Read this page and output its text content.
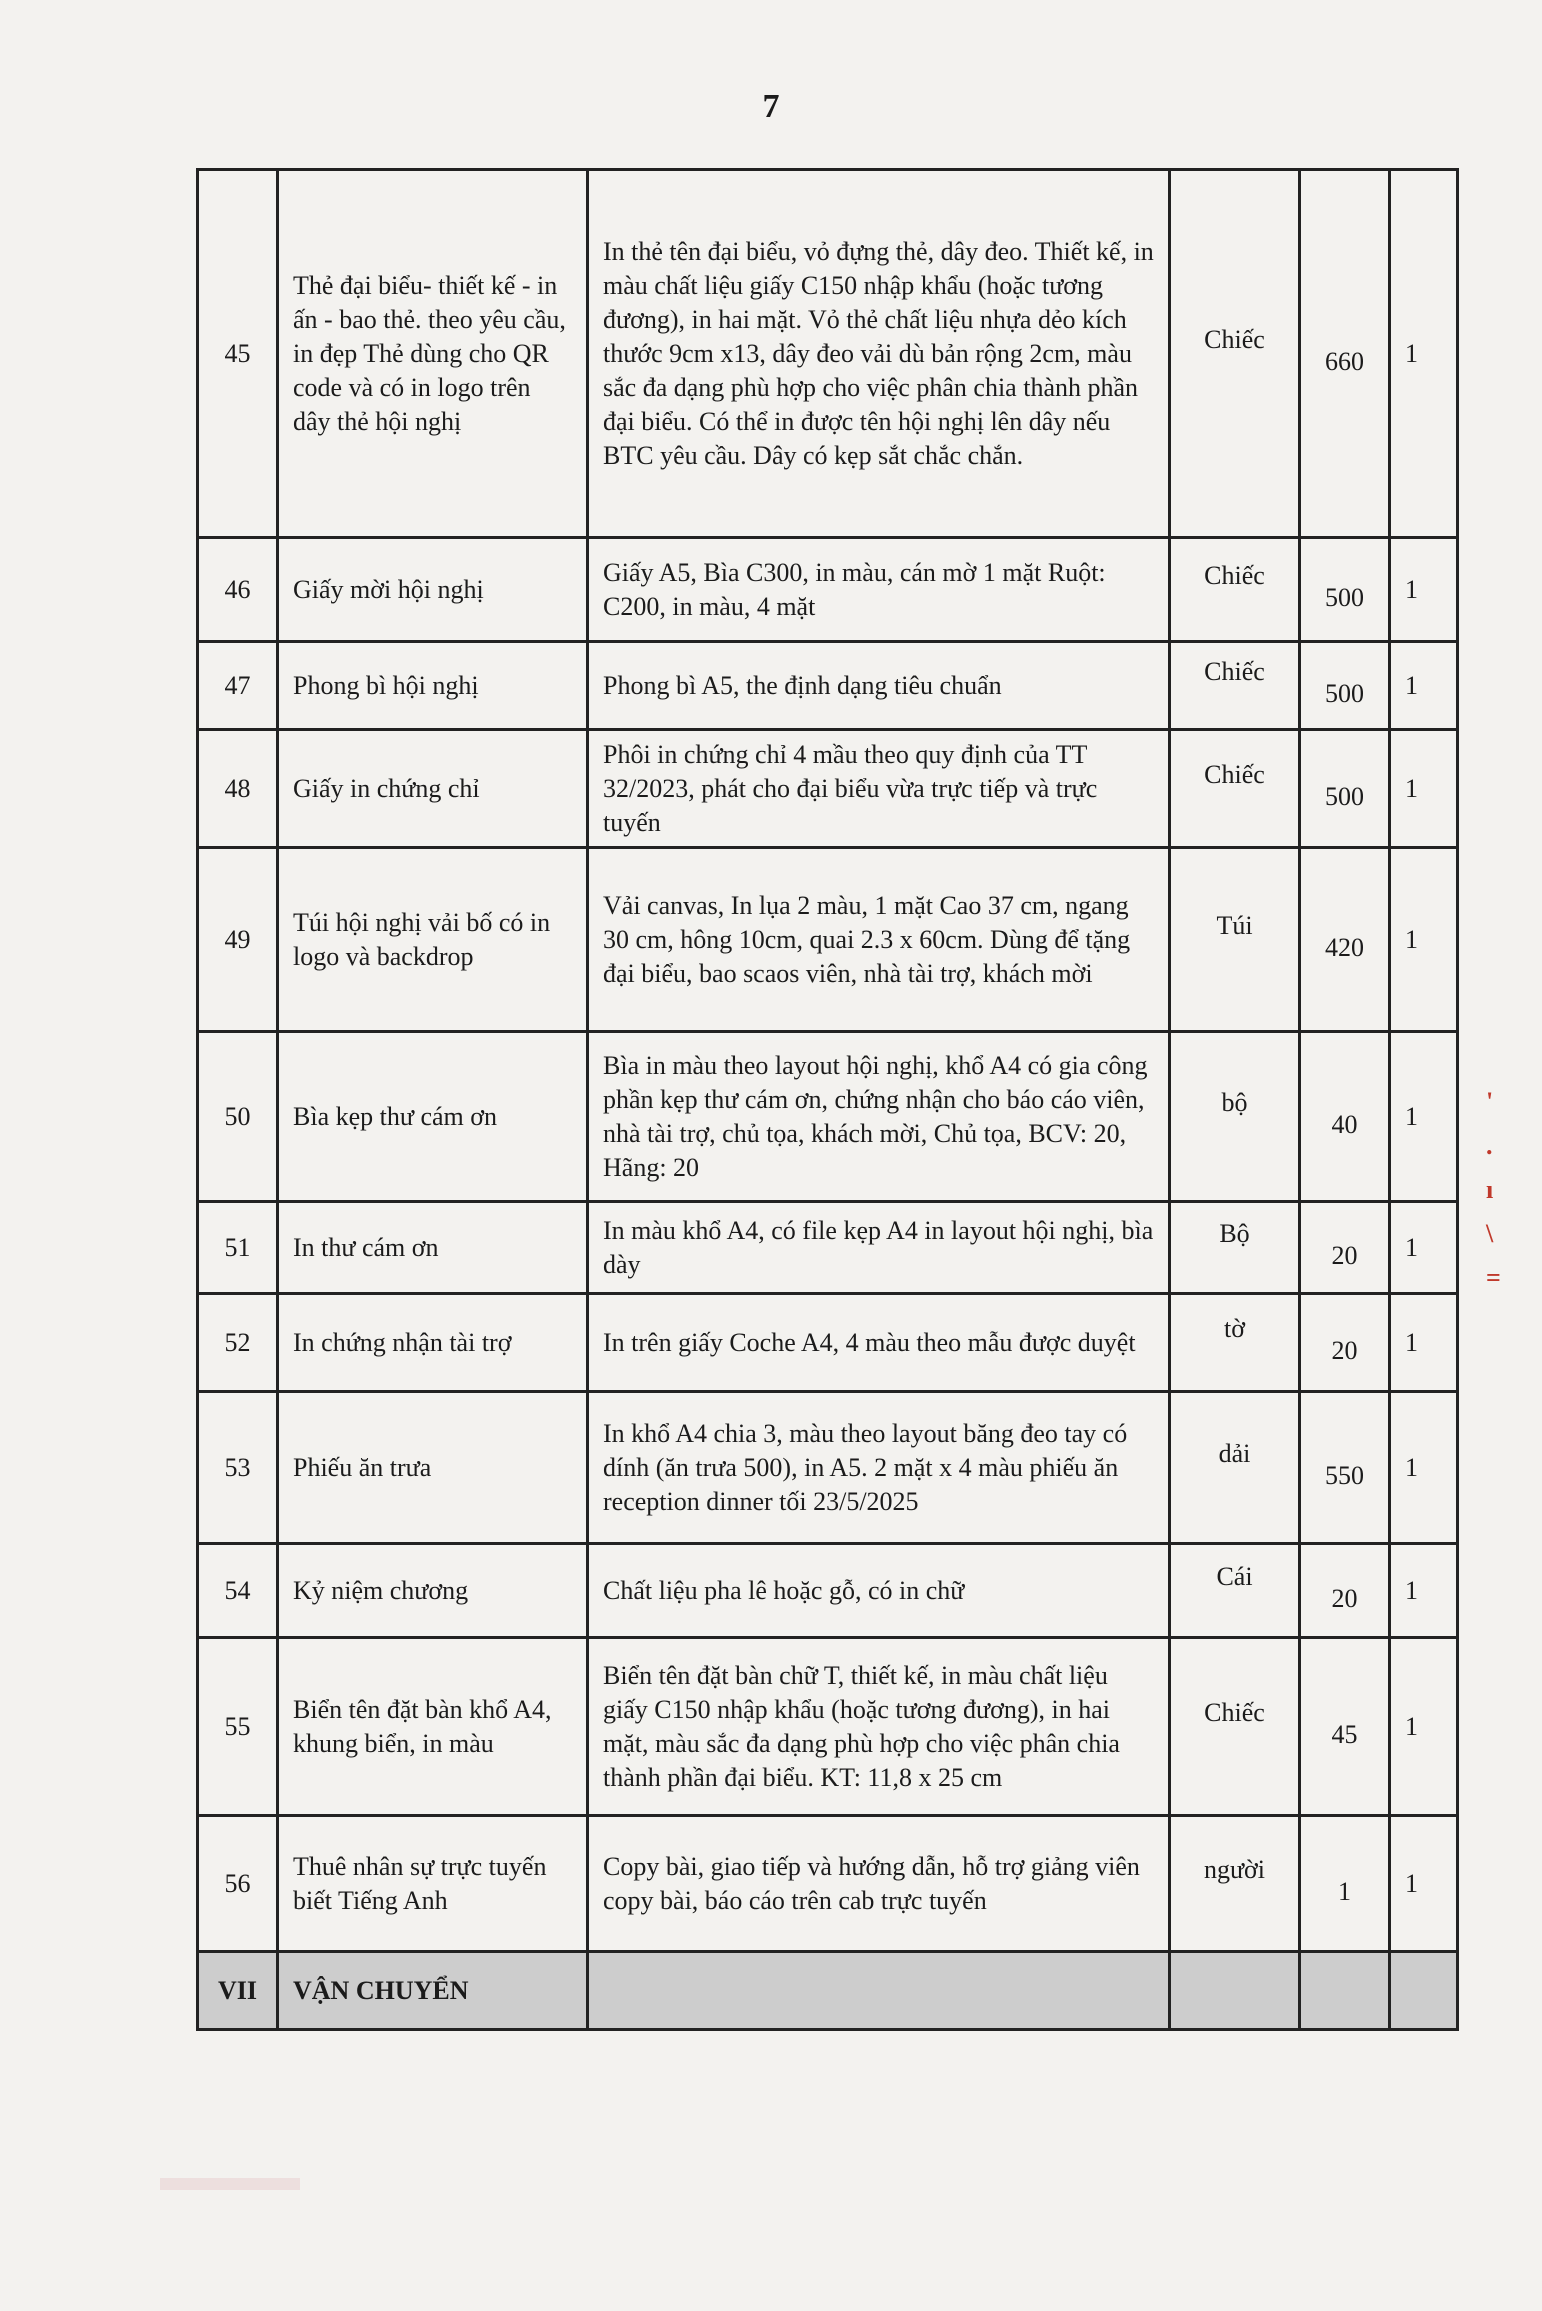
7
45	Thẻ đại biểu- thiết kế - in ấn - bao thẻ. theo yêu cầu, in đẹp Thẻ dùng cho QR code và có in logo trên dây thẻ hội nghị	In thẻ tên đại biểu, vỏ đựng thẻ, dây đeo. Thiết kế, in màu chất liệu giấy C150 nhập khẩu (hoặc tương đương), in hai mặt. Vỏ thẻ chất liệu nhựa dẻo kích thước 9cm x13, dây đeo vải dù bản rộng 2cm, màu sắc đa dạng phù hợp cho việc phân chia thành phần đại biểu. Có thể in được tên hội nghị lên dây nếu BTC yêu cầu. Dây có kẹp sắt chắc chắn.	Chiếc	660	1
46	Giấy mời hội nghị	Giấy A5, Bìa C300, in màu, cán mờ 1 mặt Ruột: C200, in màu, 4 mặt	Chiếc	500	1
47	Phong bì hội nghị	Phong bì A5, the định dạng tiêu chuẩn	Chiếc	500	1
48	Giấy in chứng chỉ	Phôi in chứng chỉ 4 mầu theo quy định của TT 32/2023, phát cho đại biểu vừa trực tiếp và trực tuyến	Chiếc	500	1
49	Túi hội nghị vải bố có in logo và backdrop	Vải canvas, In lụa 2 màu, 1 mặt Cao 37 cm, ngang 30 cm, hông 10cm, quai 2.3 x 60cm. Dùng để tặng đại biểu, bao scaos viên, nhà tài trợ, khách mời	Túi	420	1
50	Bìa kẹp thư cám ơn	Bìa in màu theo layout hội nghị, khổ A4 có gia công phần kẹp thư cám ơn, chứng nhận cho báo cáo viên, nhà tài trợ, chủ tọa, khách mời, Chủ tọa, BCV: 20, Hãng: 20	bộ	40	1
51	In thư cám ơn	In màu khổ A4, có file kẹp A4 in layout hội nghị, bìa dày	Bộ	20	1
52	In chứng nhận tài trợ	In trên giấy Coche A4, 4 màu theo mẫu được duyệt	tờ	20	1
53	Phiếu ăn trưa	In khổ A4 chia 3, màu theo layout băng đeo tay có dính (ăn trưa 500), in A5. 2 mặt x 4 màu phiếu ăn reception dinner tối 23/5/2025	dải	550	1
54	Kỷ niệm chương	Chất liệu pha lê hoặc gỗ, có in chữ	Cái	20	1
55	Biển tên đặt bàn khổ A4, khung biển, in màu	Biển tên đặt bàn chữ T, thiết kế, in màu chất liệu giấy C150 nhập khẩu (hoặc tương đương), in hai mặt, màu sắc đa dạng phù hợp cho việc phân chia thành phần đại biểu. KT: 11,8 x 25 cm	Chiếc	45	1
56	Thuê nhân sự trực tuyến biết Tiếng Anh	Copy bài, giao tiếp và hướng dẫn, hỗ trợ giảng viên copy bài, báo cáo trên cab trực tuyến	người	1	1
VII	VẬN CHUYỂN				
'
.
ı
\
=
